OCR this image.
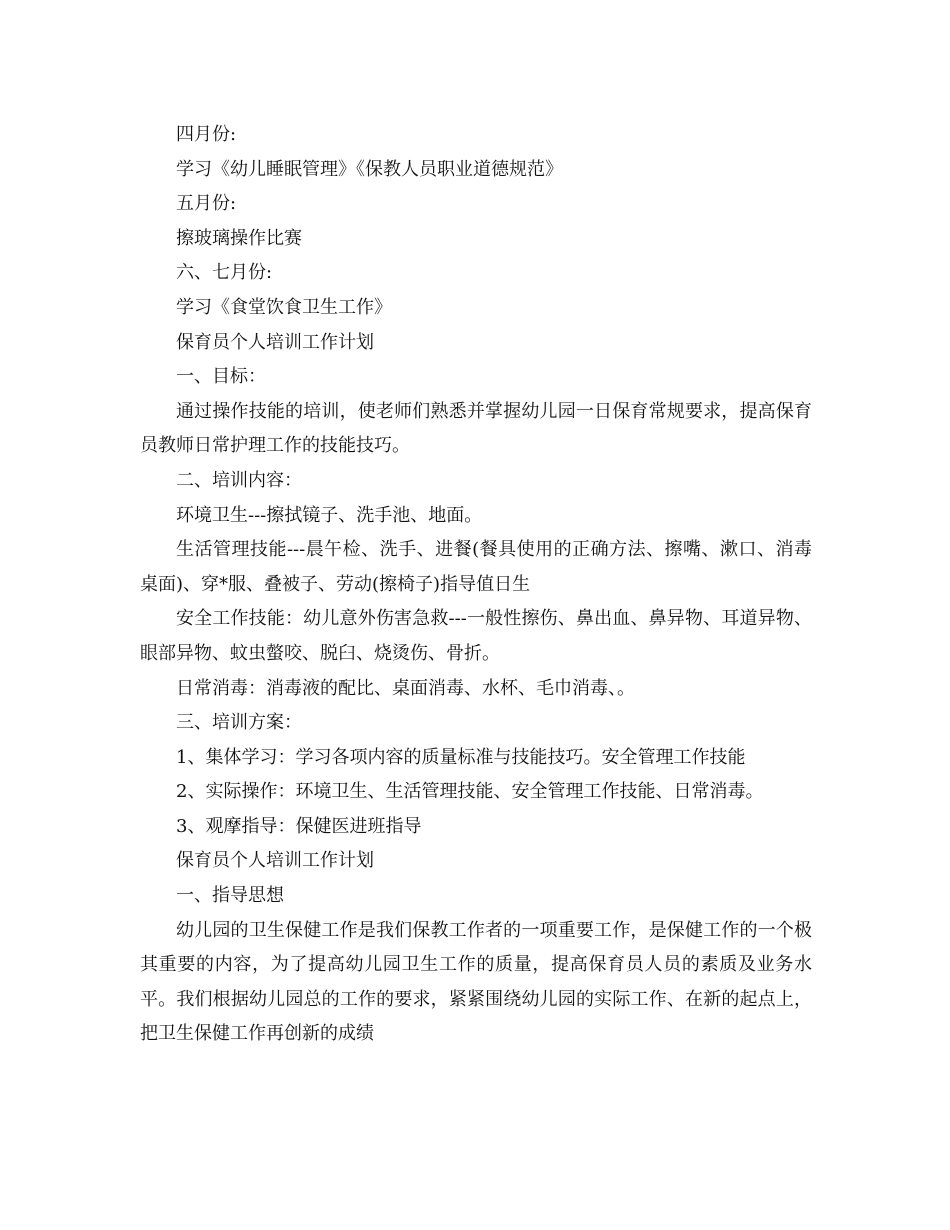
四月份:

学习《幼儿睡眠管理》《保教人员职业道德规范》

五月份:

擦玻璃操作比赛

六、七月份:

学习《食堂饮食卫生工作》

保育员个人培训工作计划

一、目标：

通过操作技能的培训，使老师们熟悉并掌握幼儿园一日保育常规要求，提高保育员教师日常护理工作的技能技巧。

二、培训内容：

环境卫生---擦拭镜子、洗手池、地面。

生活管理技能---晨午检、洗手、进餐(餐具使用的正确方法、擦嘴、漱口、消毒桌面)、穿*服、叠被子、劳动(擦椅子)指导值日生

安全工作技能：幼儿意外伤害急救---一般性擦伤、鼻出血、鼻异物、耳道异物、眼部异物、蚊虫螫咬、脱臼、烧烫伤、骨折。

日常消毒：消毒液的配比、桌面消毒、水杯、毛巾消毒、。

三、培训方案：

1、集体学习：学习各项内容的质量标准与技能技巧。安全管理工作技能

2、实际操作：环境卫生、生活管理技能、安全管理工作技能、日常消毒。

3、观摩指导：保健医进班指导

保育员个人培训工作计划

一、指导思想

幼儿园的卫生保健工作是我们保教工作者的一项重要工作，是保健工作的一个极其重要的内容，为了提高幼儿园卫生工作的质量，提高保育员人员的素质及业务水平。我们根据幼儿园总的工作的要求，紧紧围绕幼儿园的实际工作、在新的起点上，把卫生保健工作再创新的成绩
